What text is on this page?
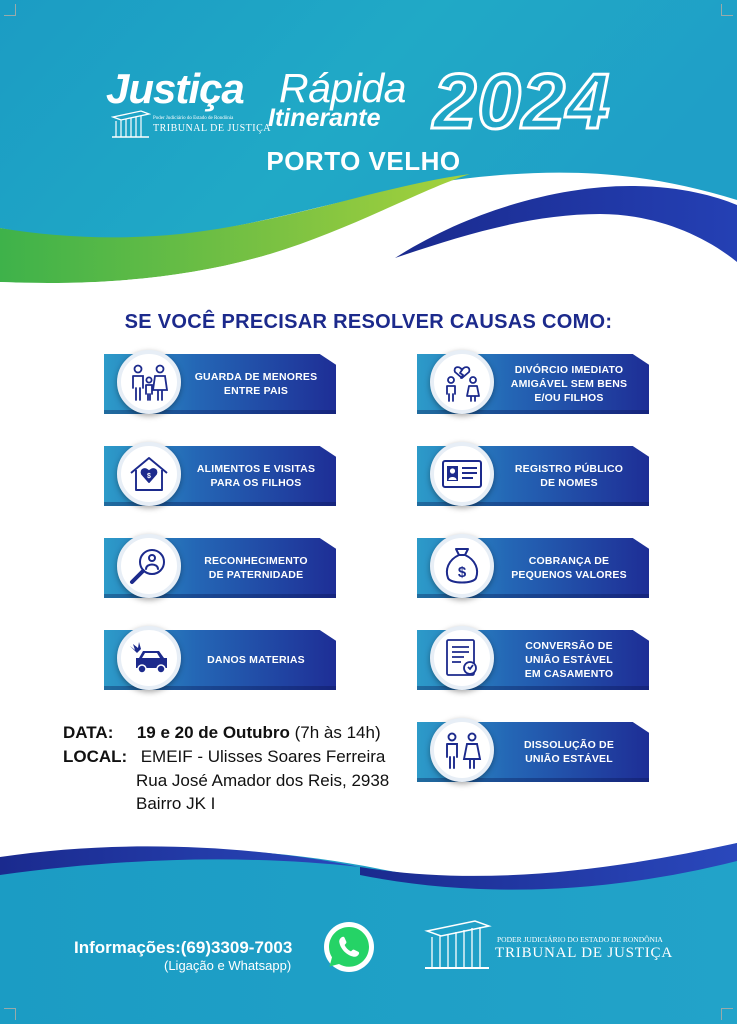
Justiça Rápida
Itinerante 2024
Poder Judiciário do Estado de Rondônia
TRIBUNAL DE JUSTIÇA
PORTO VELHO
SE VOCÊ PRECISAR RESOLVER CAUSAS COMO:
GUARDA DE MENORES
ENTRE PAIS
DIVÓRCIO IMEDIATO
AMIGÁVEL SEM BENS
E/OU FILHOS
$
ALIMENTOS E VISITAS
PARA OS FILHOS
REGISTRO PÚBLICO
DE NOMES
RECONHECIMENTO
DE PATERNIDADE	$
COBRANÇA DE
PEQUENOS VALORES
DANOS MATERIAS
CONVERSÃO DE
UNIÃO ESTÁVEL
EM CASAMENTO
DISSOLUÇÃO DE
UNIÃO ESTÁVEL
DATA: 19 e 20 de Outubro (7h às 14h)
LOCAL: EMEIF - Ulisses Soares Ferreira
Rua José Amador dos Reis, 2938
Bairro JK I
Informações:(69)3309-7003
(Ligação e Whatsapp)
PODER JUDICIÁRIO DO ESTADO DE RONDÔNIA
TRIBUNAL DE JUSTIÇA
